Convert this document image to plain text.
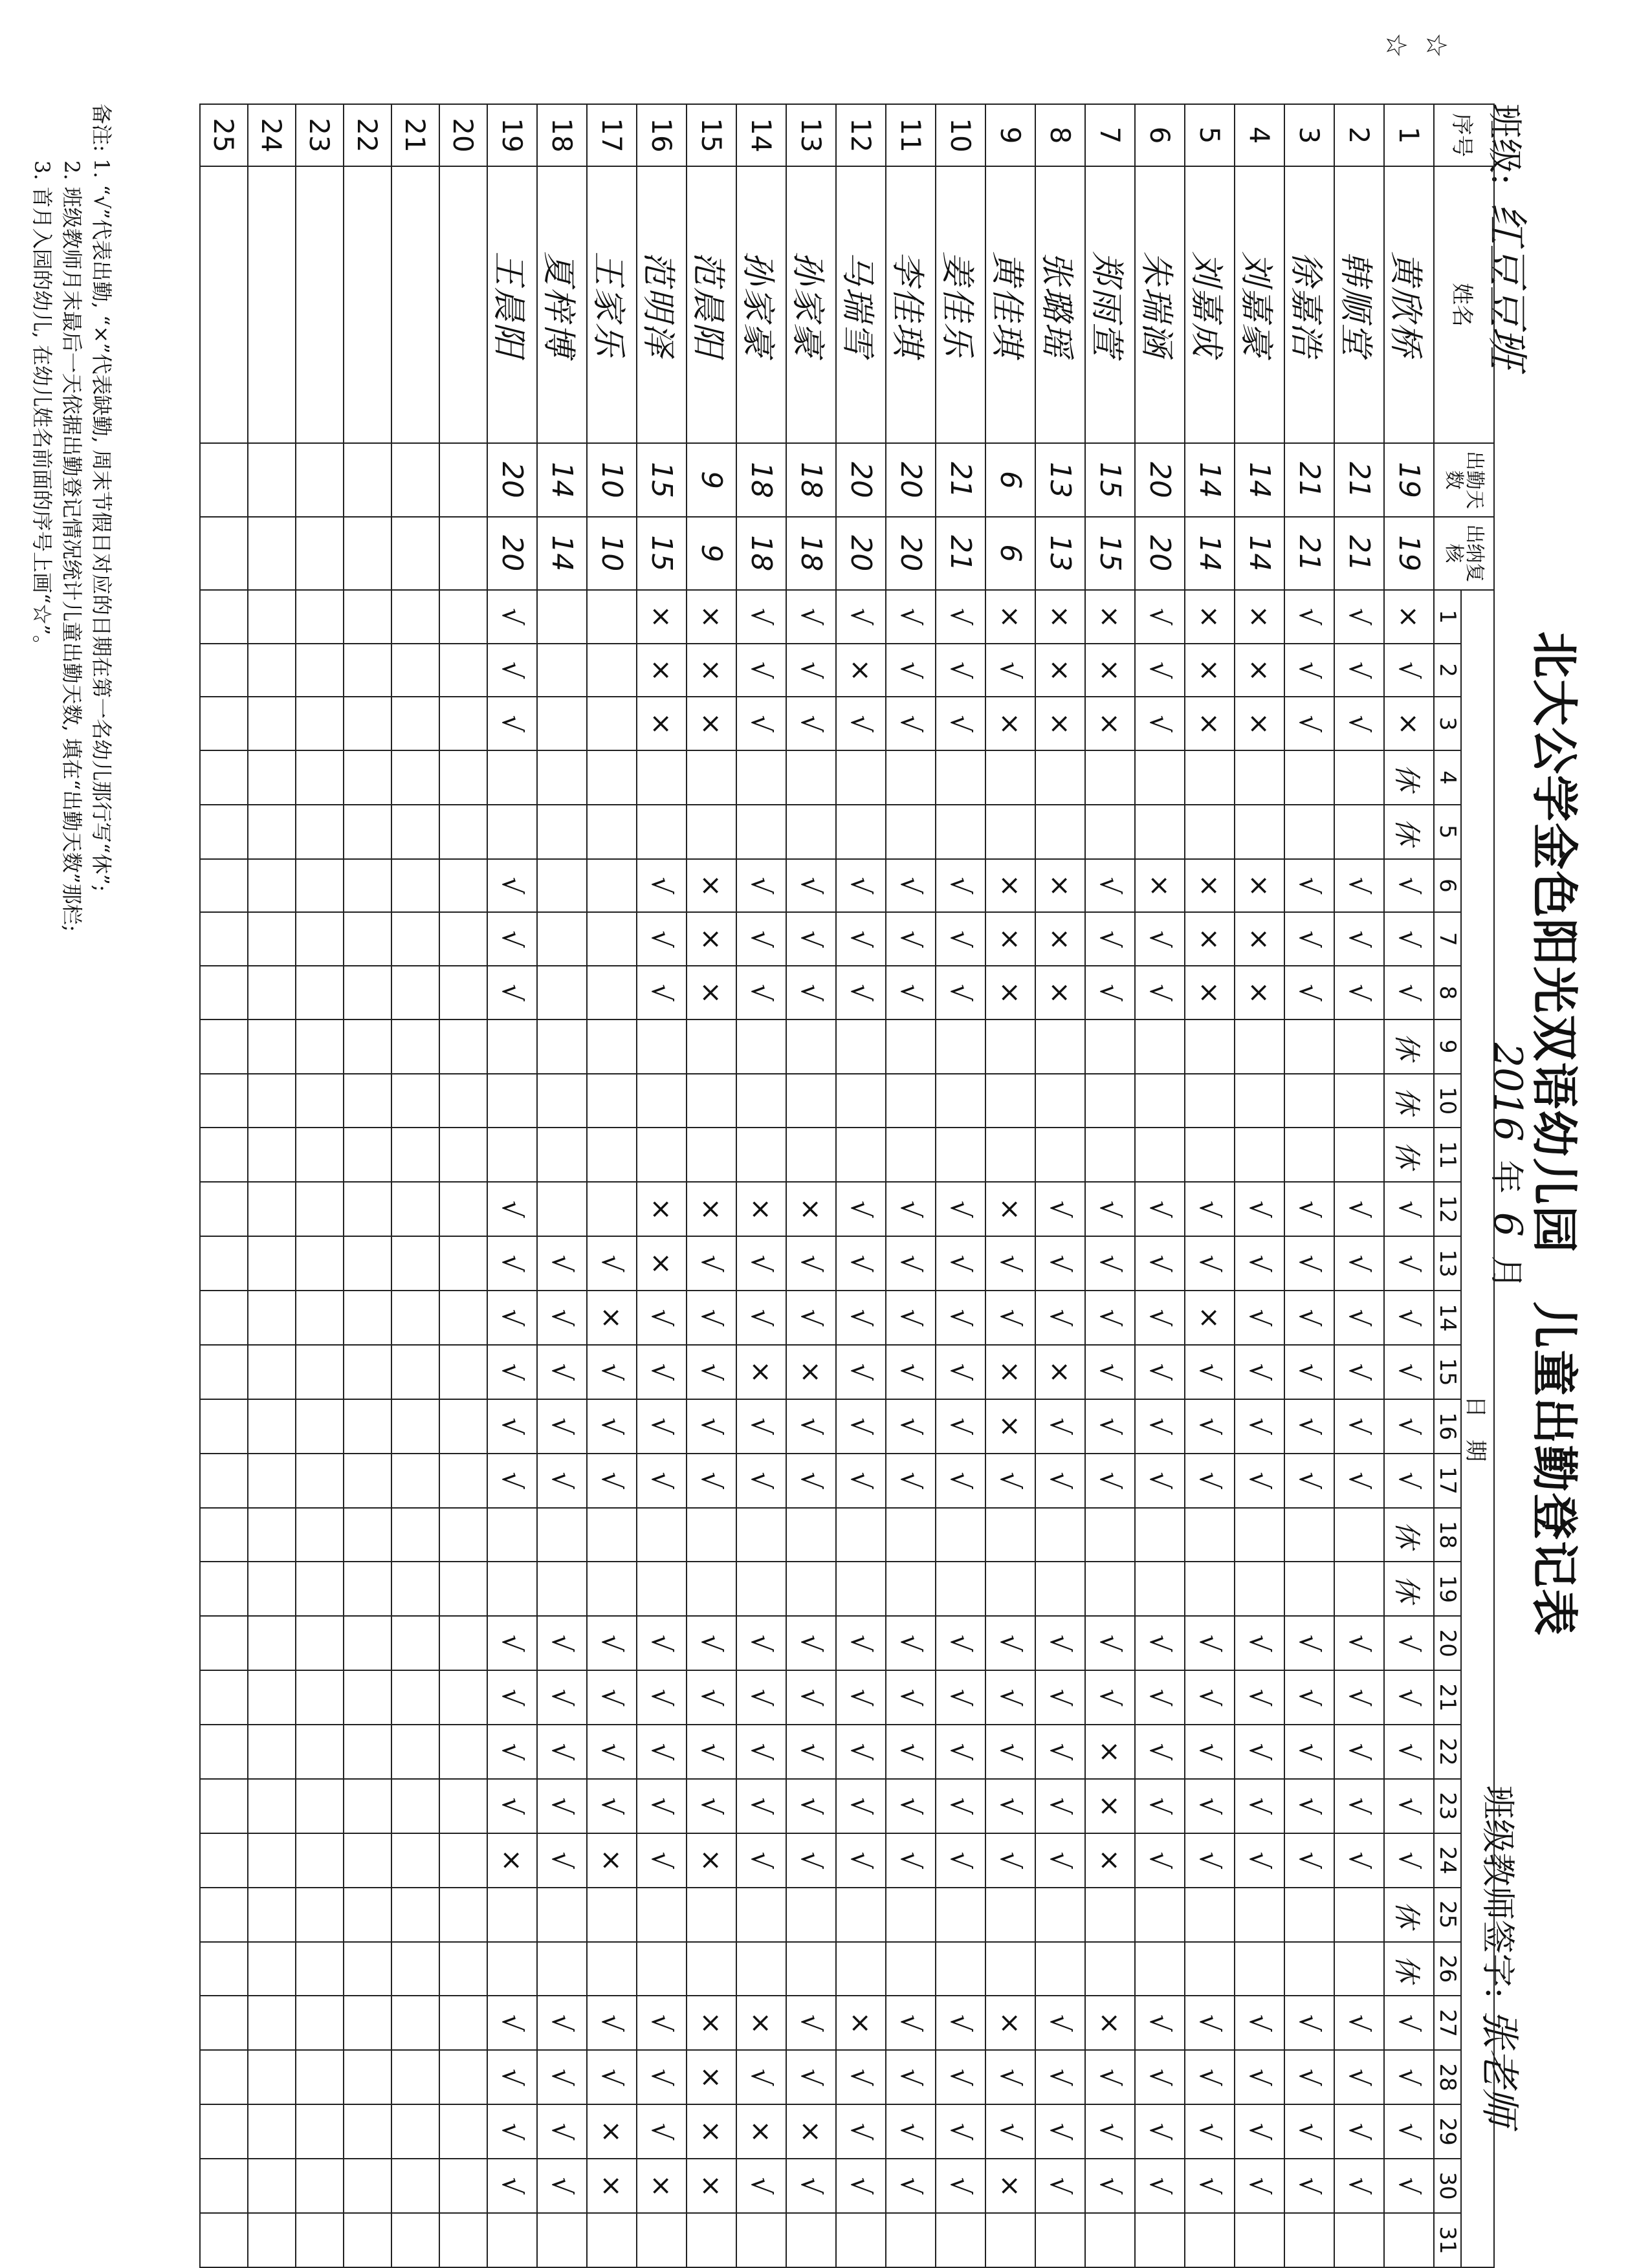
北大公学金色阳光双语幼儿园　儿童出勤登记表
班级: 红豆豆班
2016 年 6 月
班级教师签字: 张老师
☆
☆
序号	姓名	出勤天数	出纳复核	日　期																														
				1	2	3	4	5	6	7	8	9	10	11	12	13	14	15	16	17	18	19	20	21	22	23	24	25	26	27	28	29	30	31
1	黄欣桥	19	19	×	√	×	休	休	√	√	√	休	休	休	√	√	√	√	√	√	休	休	√	√	√	√	√	休	休	√	√	√	√	
2	韩顺堂	21	21	√	√	√			√	√	√				√	√	√	√	√	√			√	√	√	√	√			√	√	√	√	
3	徐嘉浩	21	21	√	√	√			√	√	√				√	√	√	√	√	√			√	√	√	√	√			√	√	√	√	
4	刘嘉豪	14	14	×	×	×			×	×	×				√	√	√	√	√	√			√	√	√	√	√			√	√	√	√	
5	刘嘉成	14	14	×	×	×			×	×	×				√	√	×	√	√	√			√	√	√	√	√			√	√	√	√	
6	朱瑞涵	20	20	√	√	√			×	√	√				√	√	√	√	√	√			√	√	√	√	√			√	√	√	√	
7	郑雨萱	15	15	×	×	×			√	√	√				√	√	√	√	√	√			√	√	×	×	×			×	√	√	√	
8	张璐瑶	13	13	×	×	×			×	×	×				√	√	√	×	√	√			√	√	√	√	√			√	√	√	√	
9	黄佳琪	6	6	×	√	×			×	×	×				×	√	√	×	×	√			√	√	√	√	√			×	√	√	×	
10	姜佳乐	21	21	√	√	√			√	√	√				√	√	√	√	√	√			√	√	√	√	√			√	√	√	√	
11	李佳琪	20	20	√	√	√			√	√	√				√	√	√	√	√	√			√	√	√	√	√			√	√	√	√	
12	马瑞雪	20	20	√	×	√			√	√	√				√	√	√	√	√	√			√	√	√	√	√			×	√	√	√	
13	孙家豪	18	18	√	√	√			√	√	√				×	√	√	×	√	√			√	√	√	√	√			√	√	×	√	
14	孙家豪	18	18	√	√	√			√	√	√				×	√	√	×	√	√			√	√	√	√	√			×	√	×	√	
15	范晨阳	9	9	×	×	×			×	×	×				×	√	√	√	√	√			√	√	√	√	×			×	×	×	×	
16	范明泽	15	15	×	×	×			√	√	√				×	×	√	√	√	√			√	√	√	√	√			√	√	√	×	
17	王家乐	10	10													√	×	√	√	√			√	√	√	√	×			√	√	×	×	
18	夏梓博	14	14													√	√	√	√	√			√	√	√	√	√			√	√	√	√	
19	王晨阳	20	20	√	√	√			√	√	√				√	√	√	√	√	√			√	√	√	√	×			√	√	√	√	
20																																		
21																																		
22																																		
23																																		
24																																		
25																																		
备注: 1. “√”代表出勤, “×”代表缺勤, 周末节假日对应的日期在第一名幼儿那行写“休”;
2. 班级教师月末最后一天依据出勤登记情况统计儿童出勤天数, 填在“出勤天数”那栏;
3. 首月入园的幼儿, 在幼儿姓名前面的序号上画“☆”。
